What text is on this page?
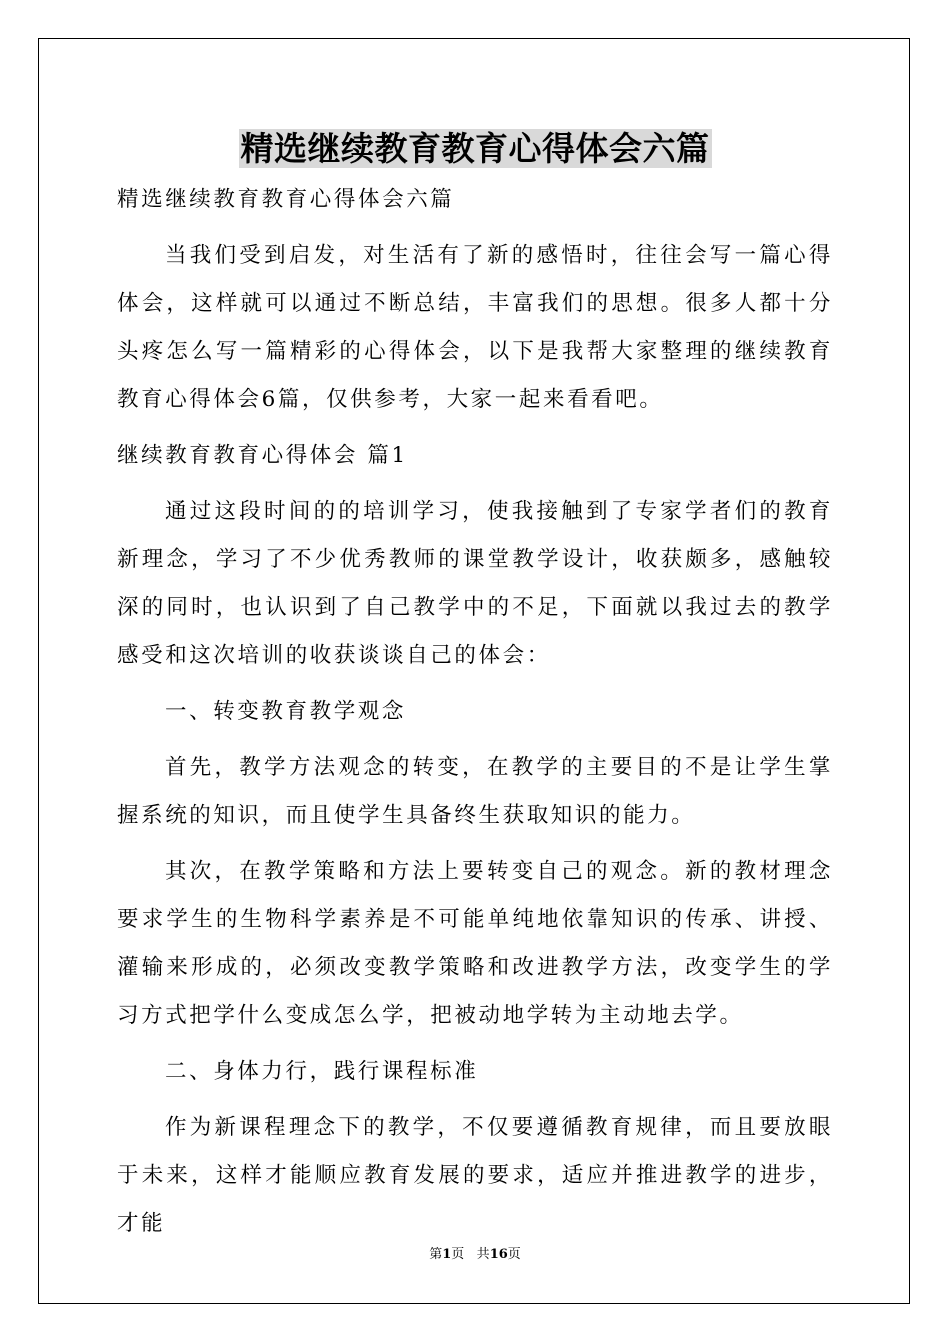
精选继续教育教育心得体会六篇
精选继续教育教育心得体会六篇

当我们受到启发，对生活有了新的感悟时，往往会写一篇心得体会，这样就可以通过不断总结，丰富我们的思想。很多人都十分头疼怎么写一篇精彩的心得体会，以下是我帮大家整理的继续教育教育心得体会6篇，仅供参考，大家一起来看看吧。

继续教育教育心得体会 篇1

通过这段时间的的培训学习，使我接触到了专家学者们的教育新理念，学习了不少优秀教师的课堂教学设计，收获颇多，感触较深的同时，也认识到了自己教学中的不足，下面就以我过去的教学感受和这次培训的收获谈谈自己的体会：

一、转变教育教学观念

首先，教学方法观念的转变，在教学的主要目的不是让学生掌握系统的知识，而且使学生具备终生获取知识的能力。

其次，在教学策略和方法上要转变自己的观念。新的教材理念要求学生的生物科学素养是不可能单纯地依靠知识的传承、讲授、灌输来形成的，必须改变教学策略和改进教学方法，改变学生的学习方式把学什么变成怎么学，把被动地学转为主动地去学。

二、身体力行，践行课程标准

作为新课程理念下的教学，不仅要遵循教育规律，而且要放眼于未来，这样才能顺应教育发展的要求，适应并推进教学的进步，才能

第1页 共16页
